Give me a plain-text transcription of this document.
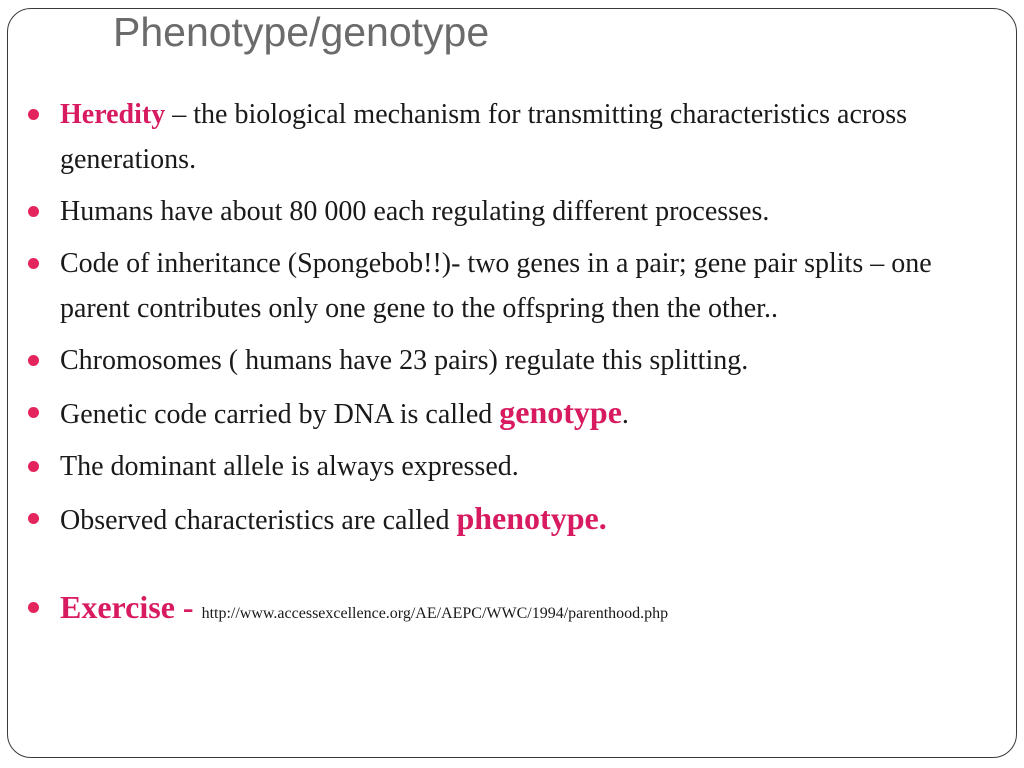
Phenotype/genotype
Heredity – the biological mechanism for transmitting characteristics across generations.
Humans have about 80 000 each regulating different processes.
Code of inheritance (Spongebob!!)- two genes in a pair; gene pair splits – one parent contributes only one gene to the offspring then the other..
Chromosomes ( humans have 23 pairs) regulate this splitting.
Genetic code carried by DNA is called genotype.
The dominant allele is always expressed.
Observed characteristics are called phenotype.
Exercise - http://www.accessexcellence.org/AE/AEPC/WWC/1994/parenthood.php
